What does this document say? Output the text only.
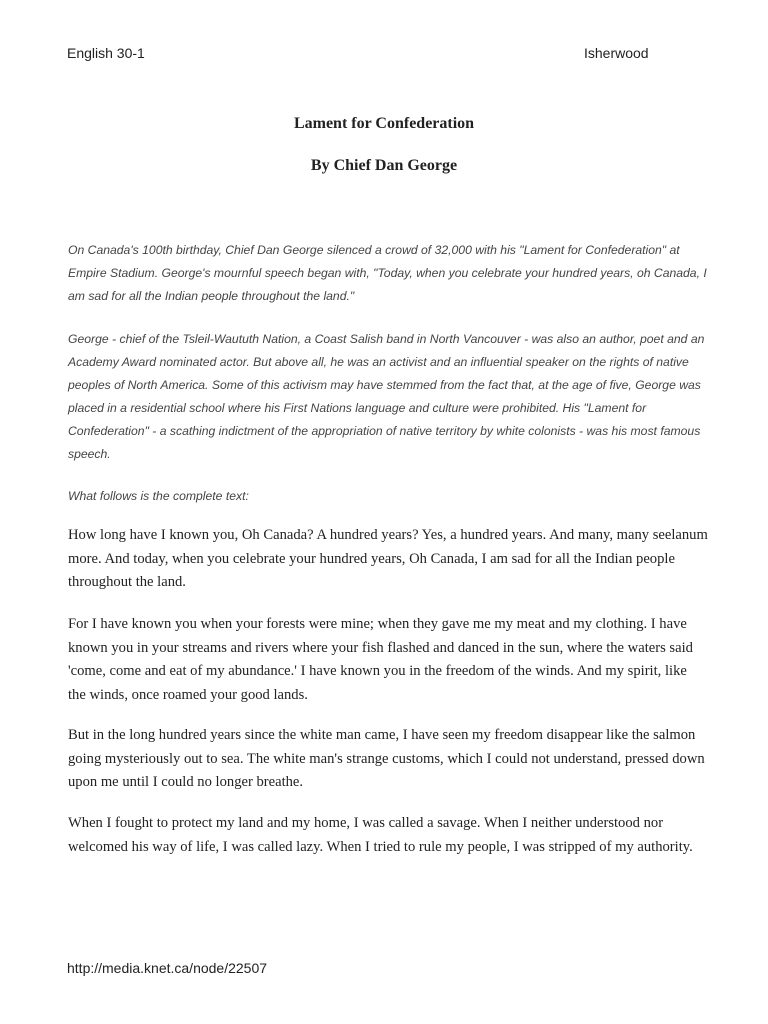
English 30-1	Isherwood
Lament for Confederation
By Chief Dan George

On Canada's 100th birthday, Chief Dan George silenced a crowd of 32,000 with his "Lament for Confederation" at Empire Stadium. George's mournful speech began with, "Today, when you celebrate your hundred years, oh Canada, I am sad for all the Indian people throughout the land."

George - chief of the Tsleil-Waututh Nation, a Coast Salish band in North Vancouver - was also an author, poet and an Academy Award nominated actor. But above all, he was an activist and an influential speaker on the rights of native peoples of North America. Some of this activism may have stemmed from the fact that, at the age of five, George was placed in a residential school where his First Nations language and culture were prohibited. His "Lament for Confederation" - a scathing indictment of the appropriation of native territory by white colonists - was his most famous speech.

What follows is the complete text:

How long have I known you, Oh Canada? A hundred years? Yes, a hundred years. And many, many seelanum more. And today, when you celebrate your hundred years, Oh Canada, I am sad for all the Indian people throughout the land.

For I have known you when your forests were mine; when they gave me my meat and my clothing. I have known you in your streams and rivers where your fish flashed and danced in the sun, where the waters said 'come, come and eat of my abundance.' I have known you in the freedom of the winds. And my spirit, like the winds, once roamed your good lands.

But in the long hundred years since the white man came, I have seen my freedom disappear like the salmon going mysteriously out to sea. The white man's strange customs, which I could not understand, pressed down upon me until I could no longer breathe.

When I fought to protect my land and my home, I was called a savage. When I neither understood nor welcomed his way of life, I was called lazy. When I tried to rule my people, I was stripped of my authority.

http://media.knet.ca/node/22507
